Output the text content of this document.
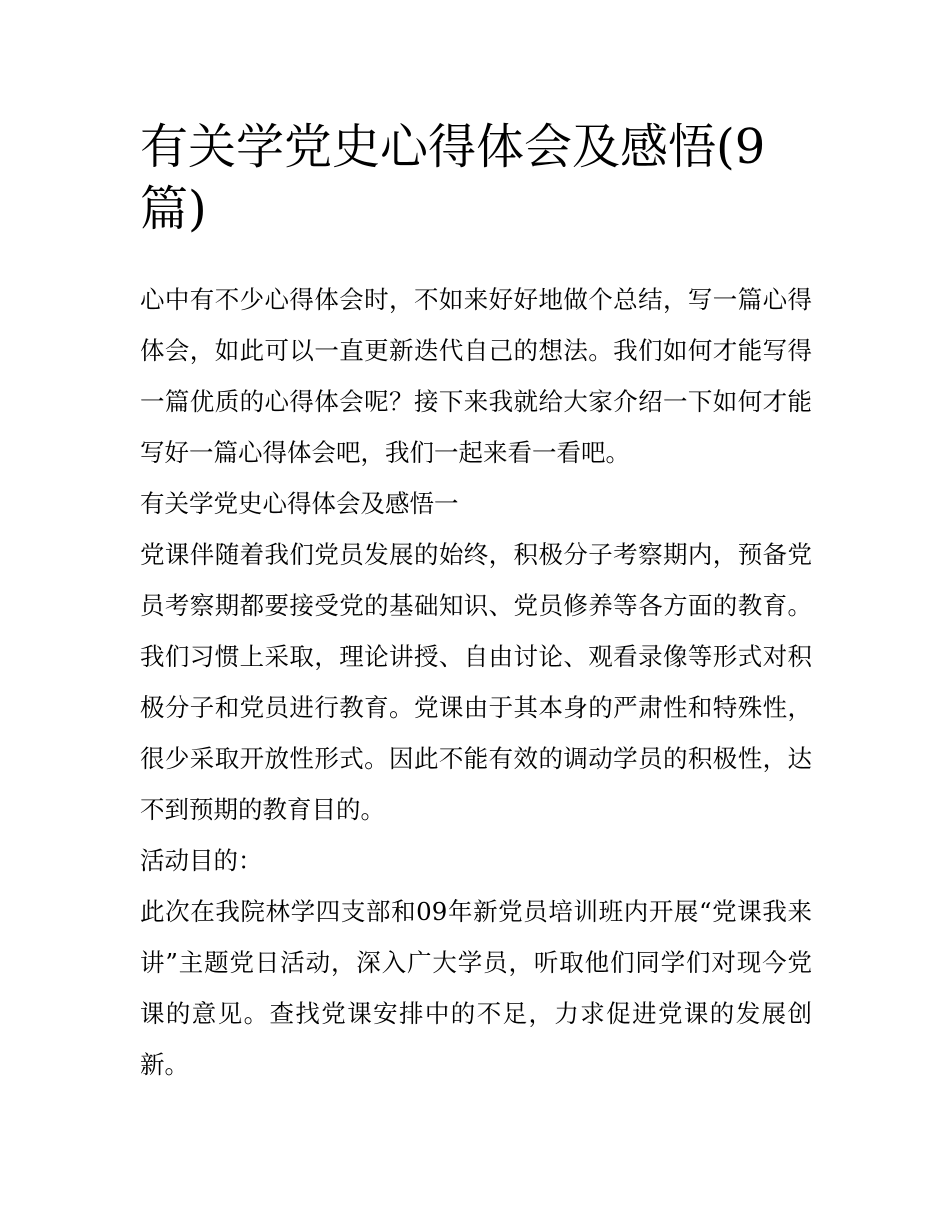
有关学党史心得体会及感悟(9篇)

心中有不少心得体会时，不如来好好地做个总结，写一篇心得体会，如此可以一直更新迭代自己的想法。我们如何才能写得一篇优质的心得体会呢？接下来我就给大家介绍一下如何才能写好一篇心得体会吧，我们一起来看一看吧。

有关学党史心得体会及感悟一

党课伴随着我们党员发展的始终，积极分子考察期内，预备党员考察期都要接受党的基础知识、党员修养等各方面的教育。我们习惯上采取，理论讲授、自由讨论、观看录像等形式对积极分子和党员进行教育。党课由于其本身的严肃性和特殊性，很少采取开放性形式。因此不能有效的调动学员的积极性，达不到预期的教育目的。

活动目的：

此次在我院林学四支部和09年新党员培训班内开展“党课我来讲”主题党日活动，深入广大学员，听取他们同学们对现今党课的意见。查找党课安排中的不足，力求促进党课的发展创新。
